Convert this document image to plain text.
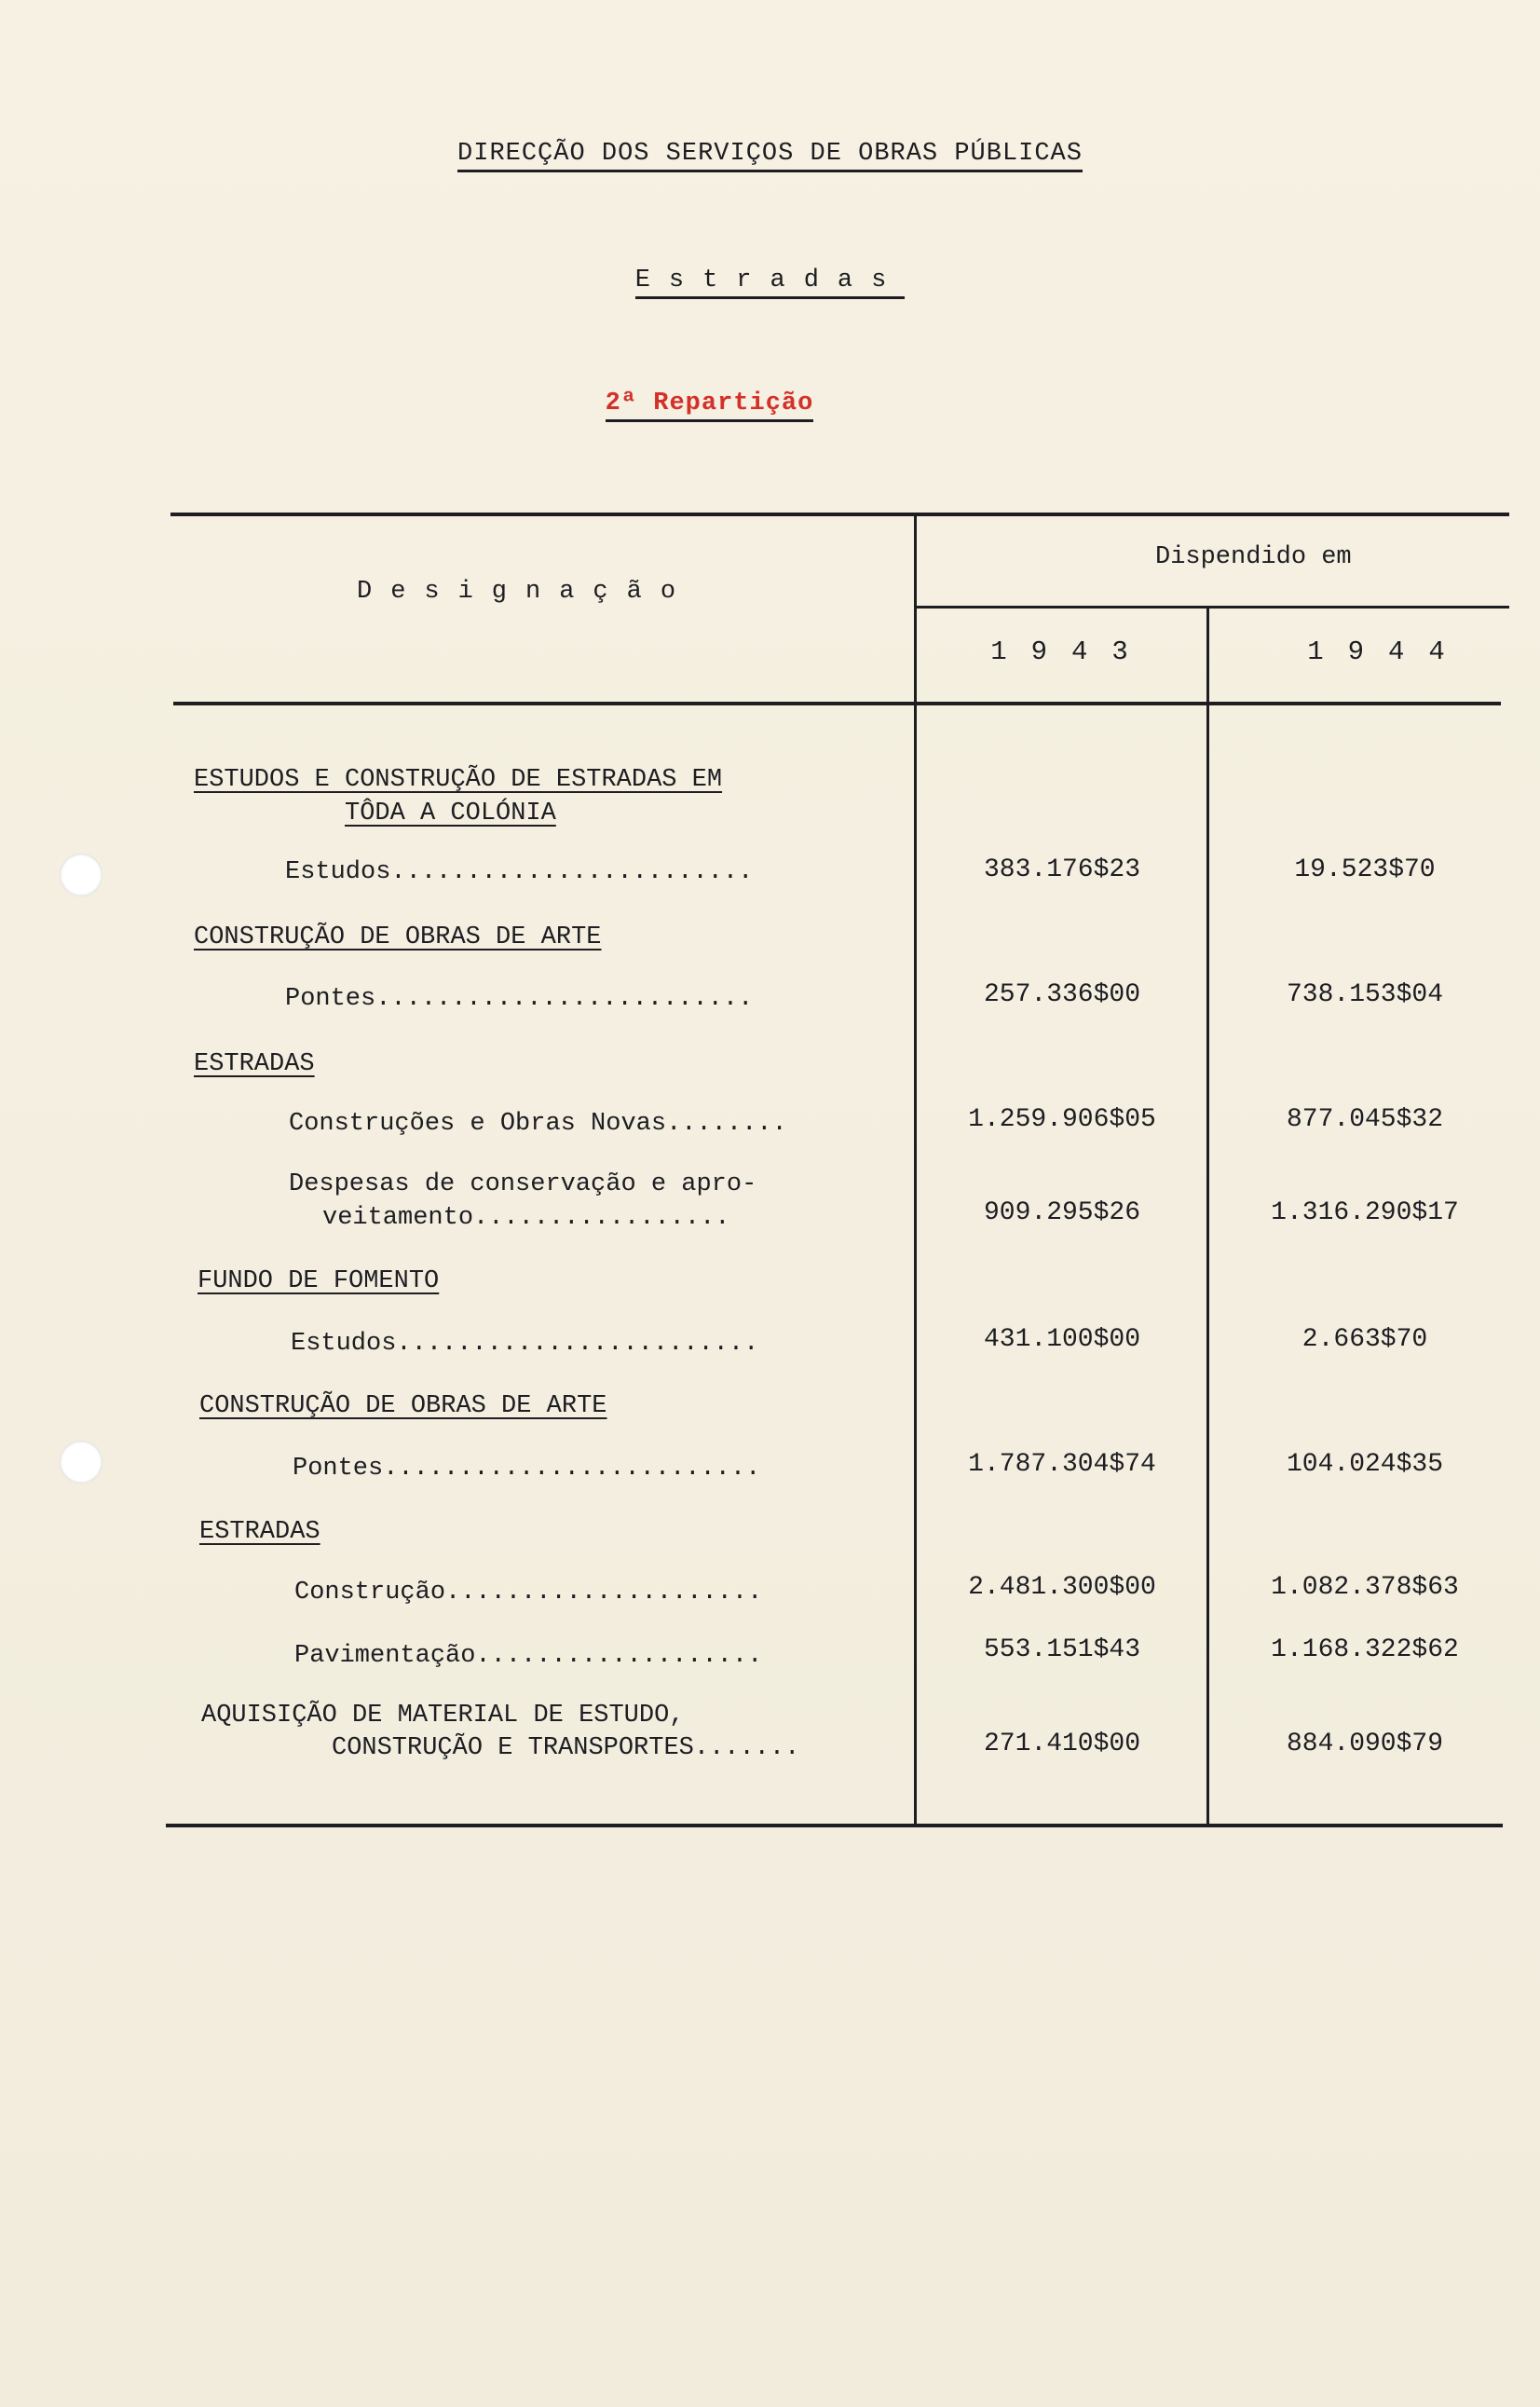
DIRECÇÃO DOS SERVIÇOS DE OBRAS PÚBLICAS
Estradas
2ª Repartição
Designação
Dispendido em
1943	1944
ESTUDOS E CONSTRUÇÃO DE ESTRADAS EM
TÔDA A COLÓNIA
Estudos........................	383.176$23	19.523$70
CONSTRUÇÃO DE OBRAS DE ARTE
Pontes.........................	257.336$00	738.153$04
ESTRADAS
Construções e Obras Novas........	1.259.906$05	877.045$32
Despesas de conservação e apro-
veitamento.................	909.295$26	1.316.290$17
FUNDO DE FOMENTO
Estudos........................	431.100$00	2.663$70
CONSTRUÇÃO DE OBRAS DE ARTE
Pontes.........................	1.787.304$74	104.024$35
ESTRADAS
Construção.....................	2.481.300$00	1.082.378$63
Pavimentação...................	553.151$43	1.168.322$62
AQUISIÇÃO DE MATERIAL DE ESTUDO,
CONSTRUÇÃO E TRANSPORTES.......	271.410$00	884.090$79
